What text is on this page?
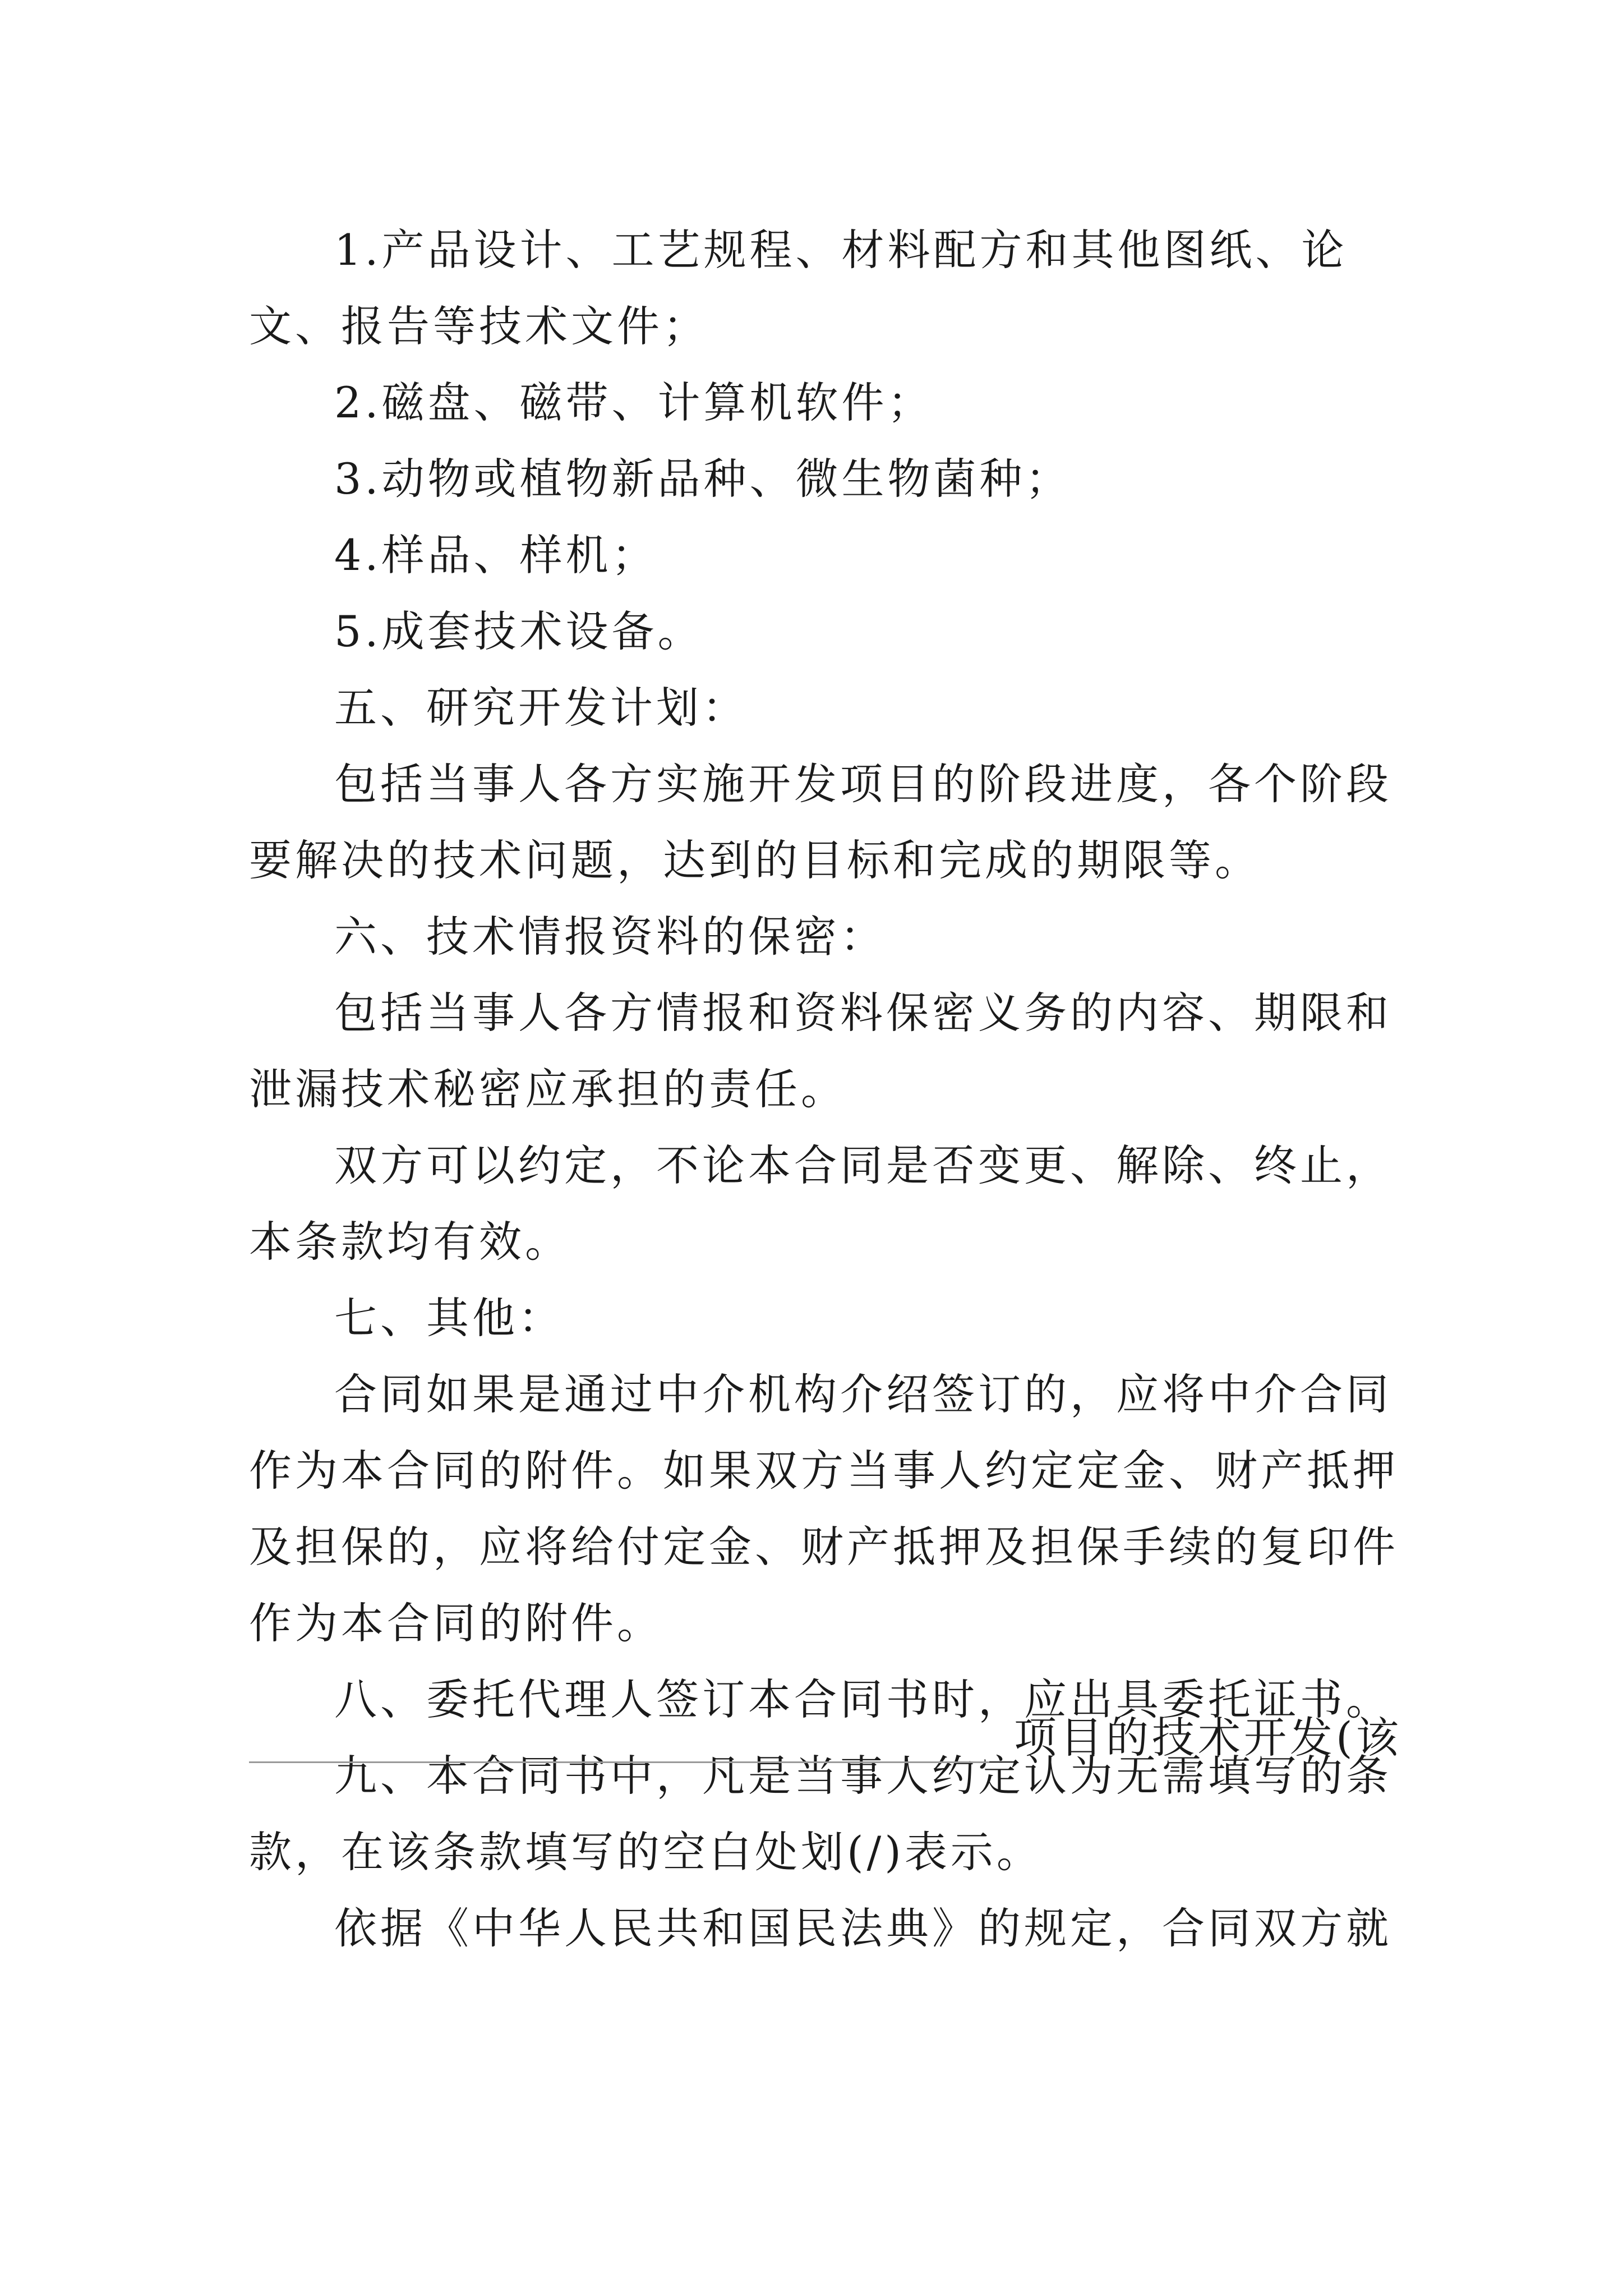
1.产品设计、工艺规程、材料配方和其他图纸、论文、报告等技术文件；

2.磁盘、磁带、计算机软件；

3.动物或植物新品种、微生物菌种；

4.样品、样机；

5.成套技术设备。

五、研究开发计划：

包括当事人各方实施开发项目的阶段进度，各个阶段要解决的技术问题，达到的目标和完成的期限等。

六、技术情报资料的保密：

包括当事人各方情报和资料保密义务的内容、期限和泄漏技术秘密应承担的责任。

双方可以约定，不论本合同是否变更、解除、终止，本条款均有效。

七、其他：

合同如果是通过中介机构介绍签订的，应将中介合同作为本合同的附件。如果双方当事人约定定金、财产抵押及担保的，应将给付定金、财产抵押及担保手续的复印件作为本合同的附件。

八、委托代理人签订本合同书时，应出具委托证书。

九、本合同书中，凡是当事人约定认为无需填写的条款，在该条款填写的空白处划(/)表示。

依据《中华人民共和国民法典》的规定，合同双方就

项目的技术开发(该
